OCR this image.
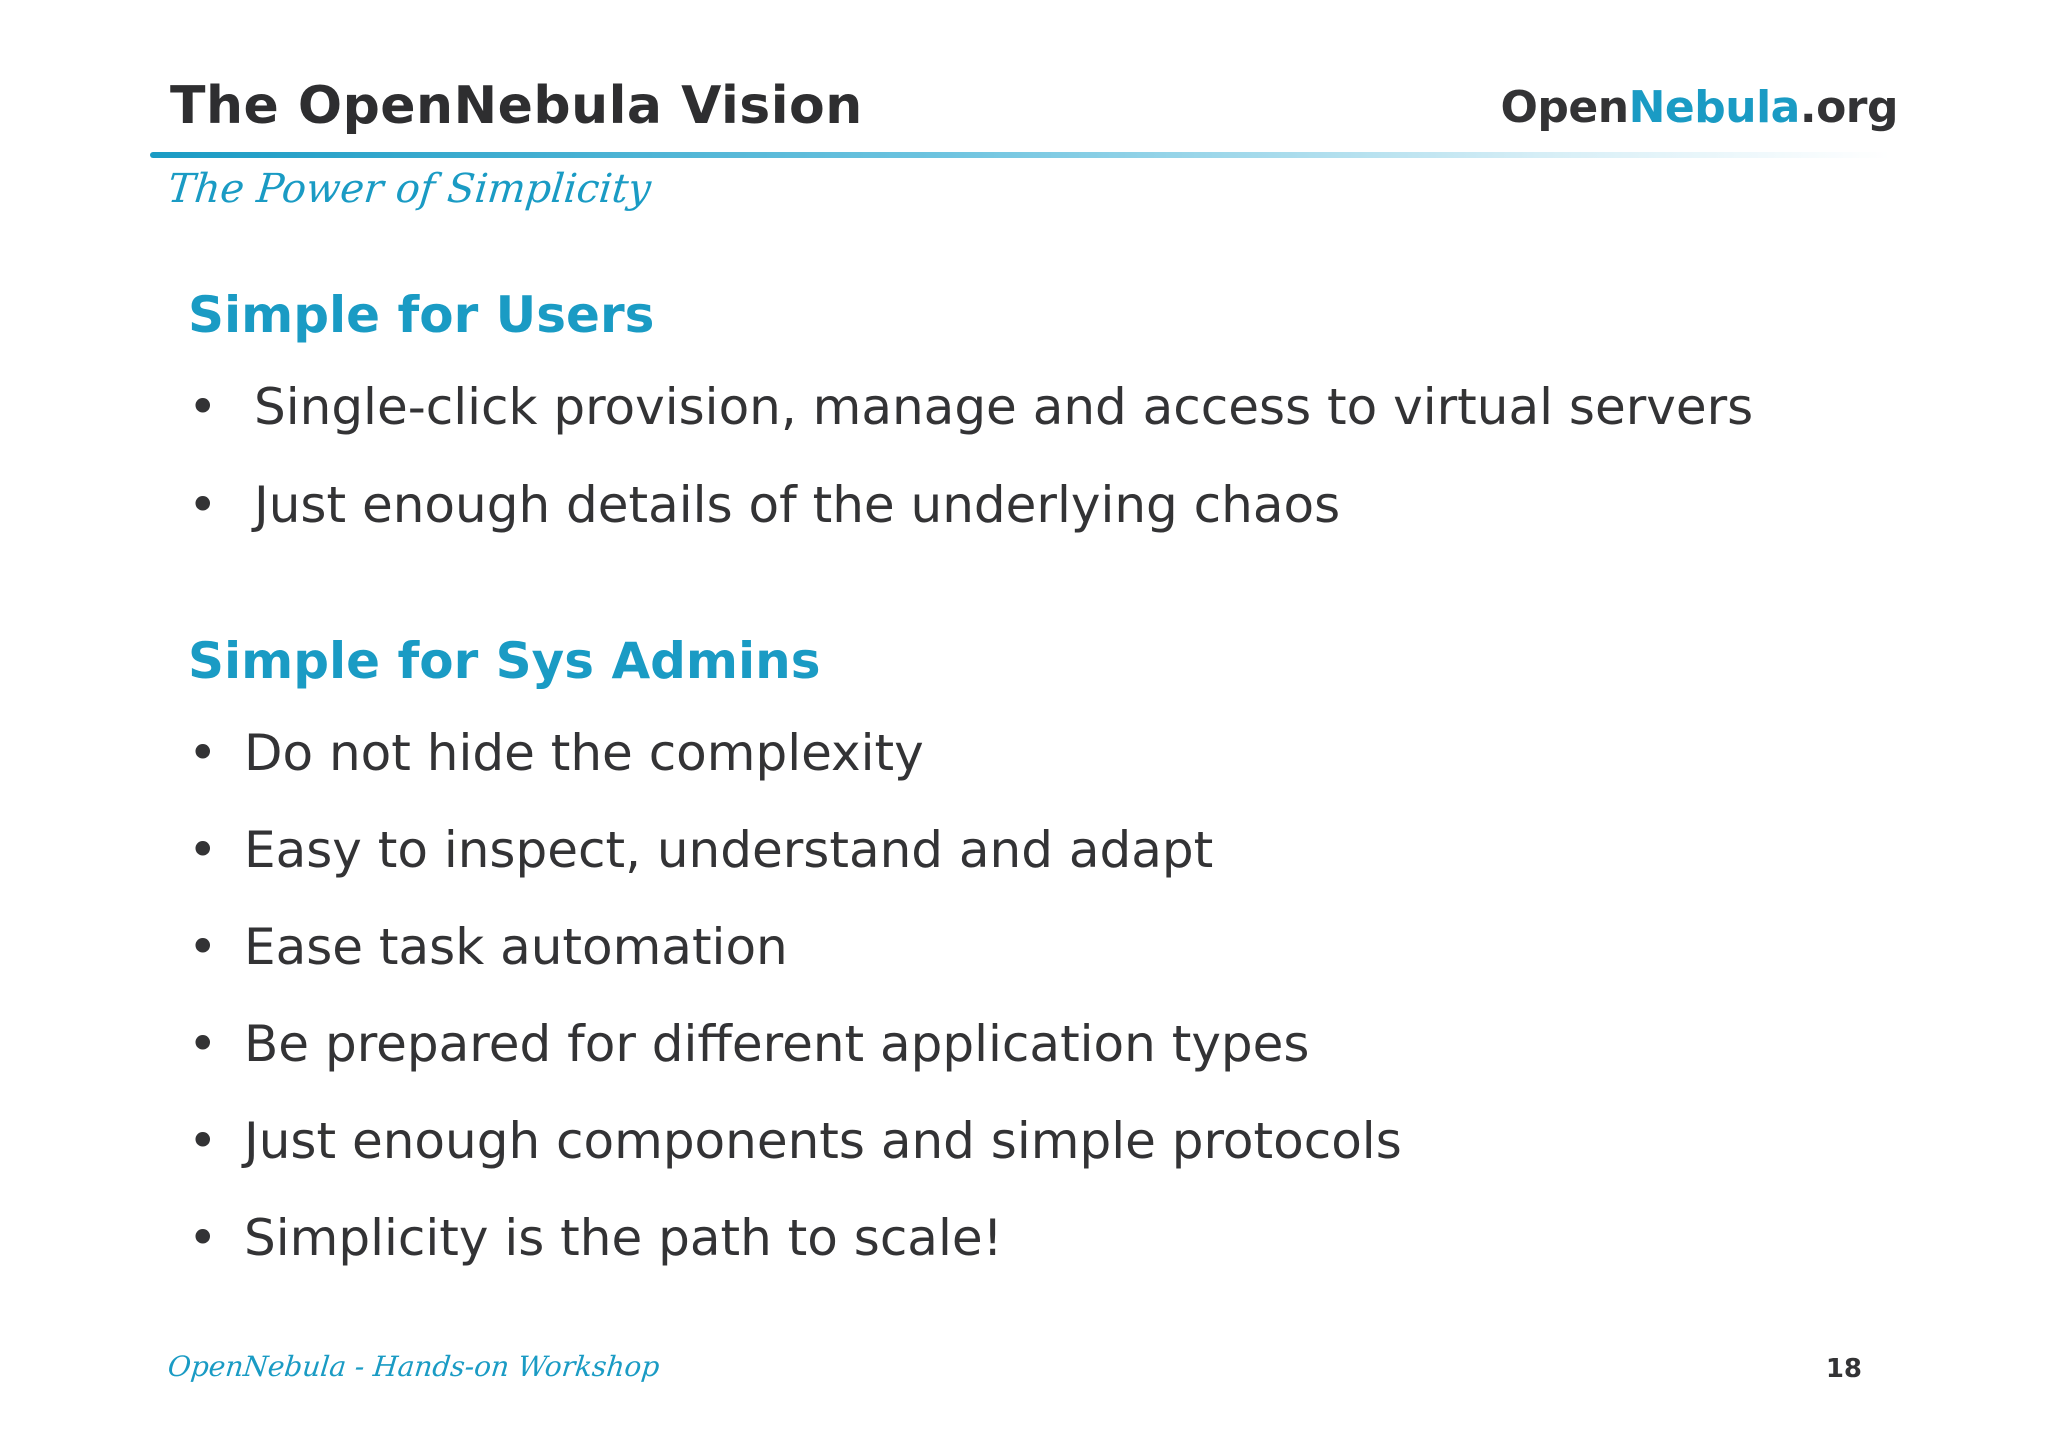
The OpenNebula Vision	OpenNebula.org
The Power of Simplicity
Simple for Users
• Single-click provision, manage and access to virtual servers
• Just enough details of the underlying chaos
Simple for Sys Admins
• Do not hide the complexity
• Easy to inspect, understand and adapt
• Ease task automation
• Be prepared for different application types
• Just enough components and simple protocols
• Simplicity is the path to scale!
OpenNebula - Hands-on Workshop	18
